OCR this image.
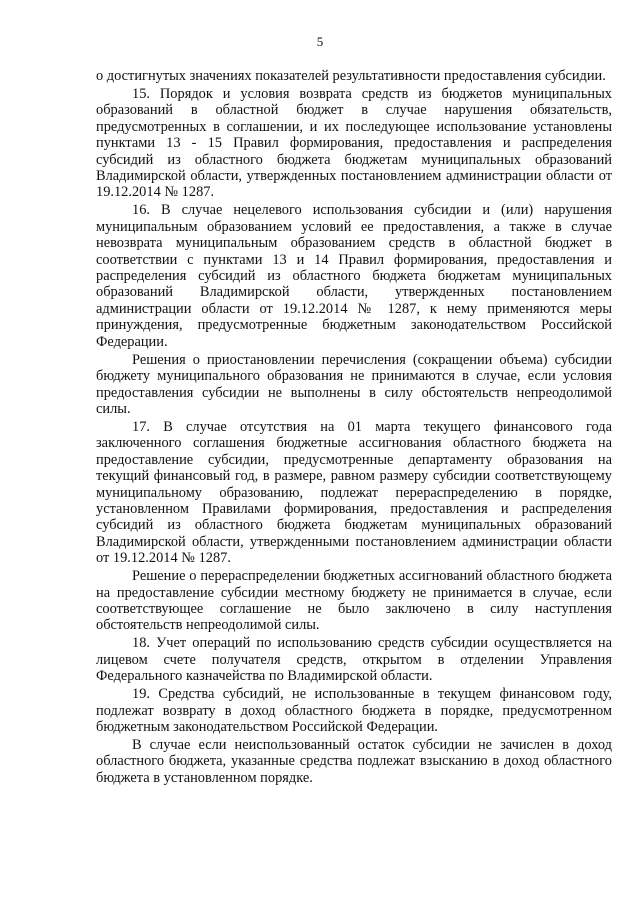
5

о достигнутых значениях показателей результативности предоставления субсидии.

15. Порядок и условия возврата средств из бюджетов муниципальных образований в областной бюджет в случае нарушения обязательств, предусмотренных в соглашении, и их последующее использование установлены пунктами 13 - 15 Правил формирования, предоставления и распределения субсидий из областного бюджета бюджетам муниципальных образований Владимирской области, утвержденных постановлением администрации области от 19.12.2014 № 1287.

16. В случае нецелевого использования субсидии и (или) нарушения муниципальным образованием условий ее предоставления, а также в случае невозврата муниципальным образованием средств в областной бюджет в соответствии с пунктами 13 и 14 Правил формирования, предоставления и распределения субсидий из областного бюджета бюджетам муниципальных образований Владимирской области, утвержденных постановлением администрации области от 19.12.2014 № 1287, к нему применяются меры принуждения, предусмотренные бюджетным законодательством Российской Федерации.

Решения о приостановлении перечисления (сокращении объема) субсидии бюджету муниципального образования не принимаются в случае, если условия предоставления субсидии не выполнены в силу обстоятельств непреодолимой силы.

17. В случае отсутствия на 01 марта текущего финансового года заключенного соглашения бюджетные ассигнования областного бюджета на предоставление субсидии, предусмотренные департаменту образования на текущий финансовый год, в размере, равном размеру субсидии соответствующему муниципальному образованию, подлежат перераспределению в порядке, установленном Правилами формирования, предоставления и распределения субсидий из областного бюджета бюджетам муниципальных образований Владимирской области, утвержденными постановлением администрации области от 19.12.2014 № 1287.

Решение о перераспределении бюджетных ассигнований областного бюджета на предоставление субсидии местному бюджету не принимается в случае, если соответствующее соглашение не было заключено в силу наступления обстоятельств непреодолимой силы.

18. Учет операций по использованию средств субсидии осуществляется на лицевом счете получателя средств, открытом в отделении Управления Федерального казначейства по Владимирской области.

19. Средства субсидий, не использованные в текущем финансовом году, подлежат возврату в доход областного бюджета в порядке, предусмотренном бюджетным законодательством Российской Федерации.

В случае если неиспользованный остаток субсидии не зачислен в доход областного бюджета, указанные средства подлежат взысканию в доход областного бюджета в установленном порядке.
